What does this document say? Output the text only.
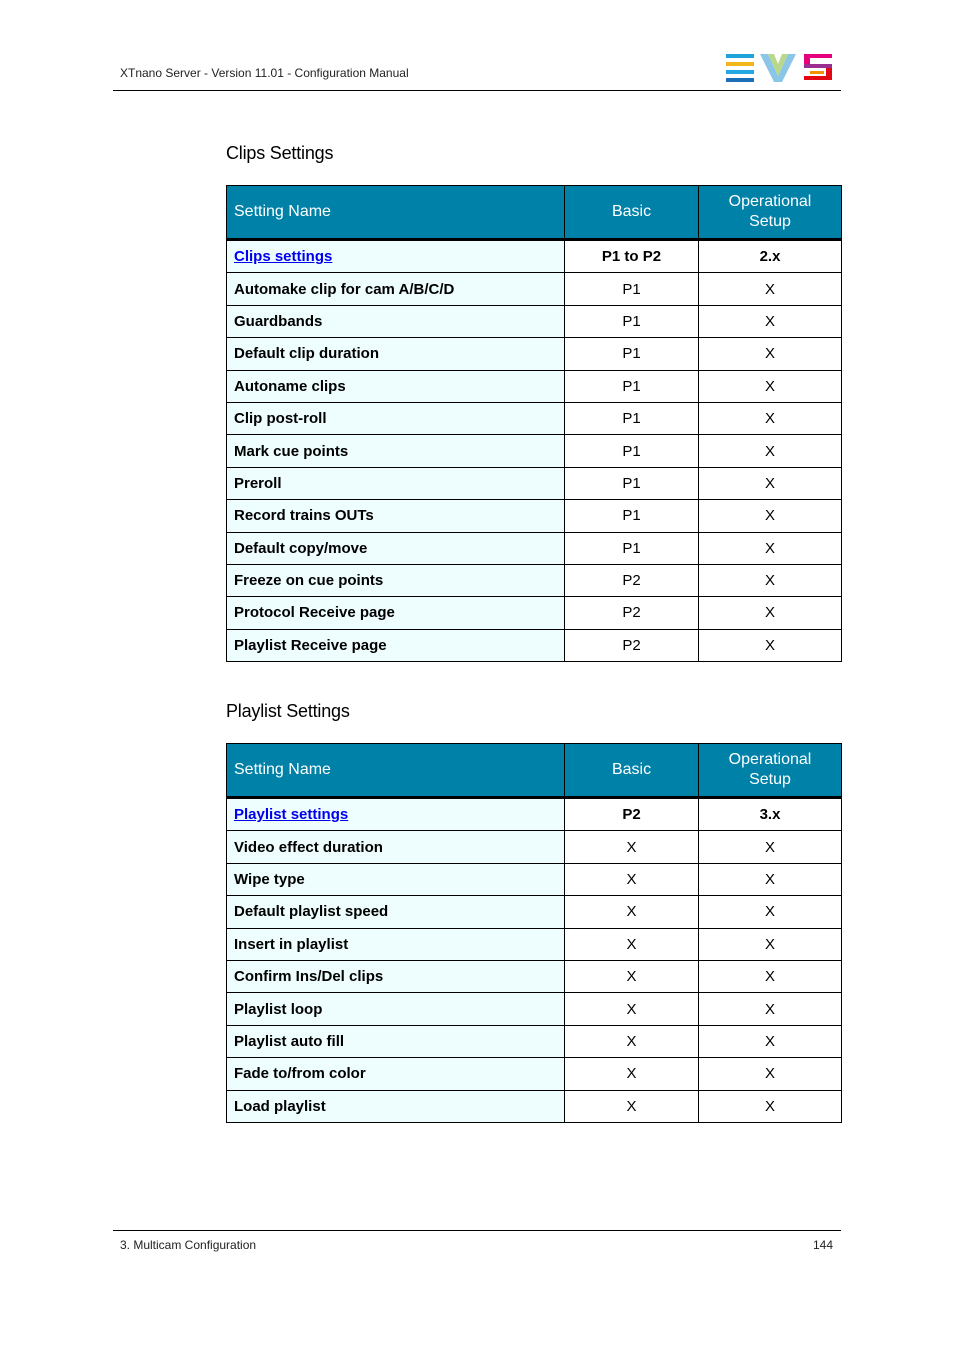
XTnano Server - Version 11.01 - Configuration Manual
Clips Settings
Setting Name	Basic	Operational
Setup
Clips settings	P1 to P2	2.x
Automake clip for cam A/B/C/D	P1	X
Guardbands	P1	X
Default clip duration	P1	X
Autoname clips	P1	X
Clip post-roll	P1	X
Mark cue points	P1	X
Preroll	P1	X
Record trains OUTs	P1	X
Default copy/move	P1	X
Freeze on cue points	P2	X
Protocol Receive page	P2	X
Playlist Receive page	P2	X
Playlist Settings
Setting Name	Basic	Operational
Setup
Playlist settings	P2	3.x
Video effect duration	X	X
Wipe type	X	X
Default playlist speed	X	X
Insert in playlist	X	X
Confirm Ins/Del clips	X	X
Playlist loop	X	X
Playlist auto fill	X	X
Fade to/from color	X	X
Load playlist	X	X
3. Multicam Configuration	144
